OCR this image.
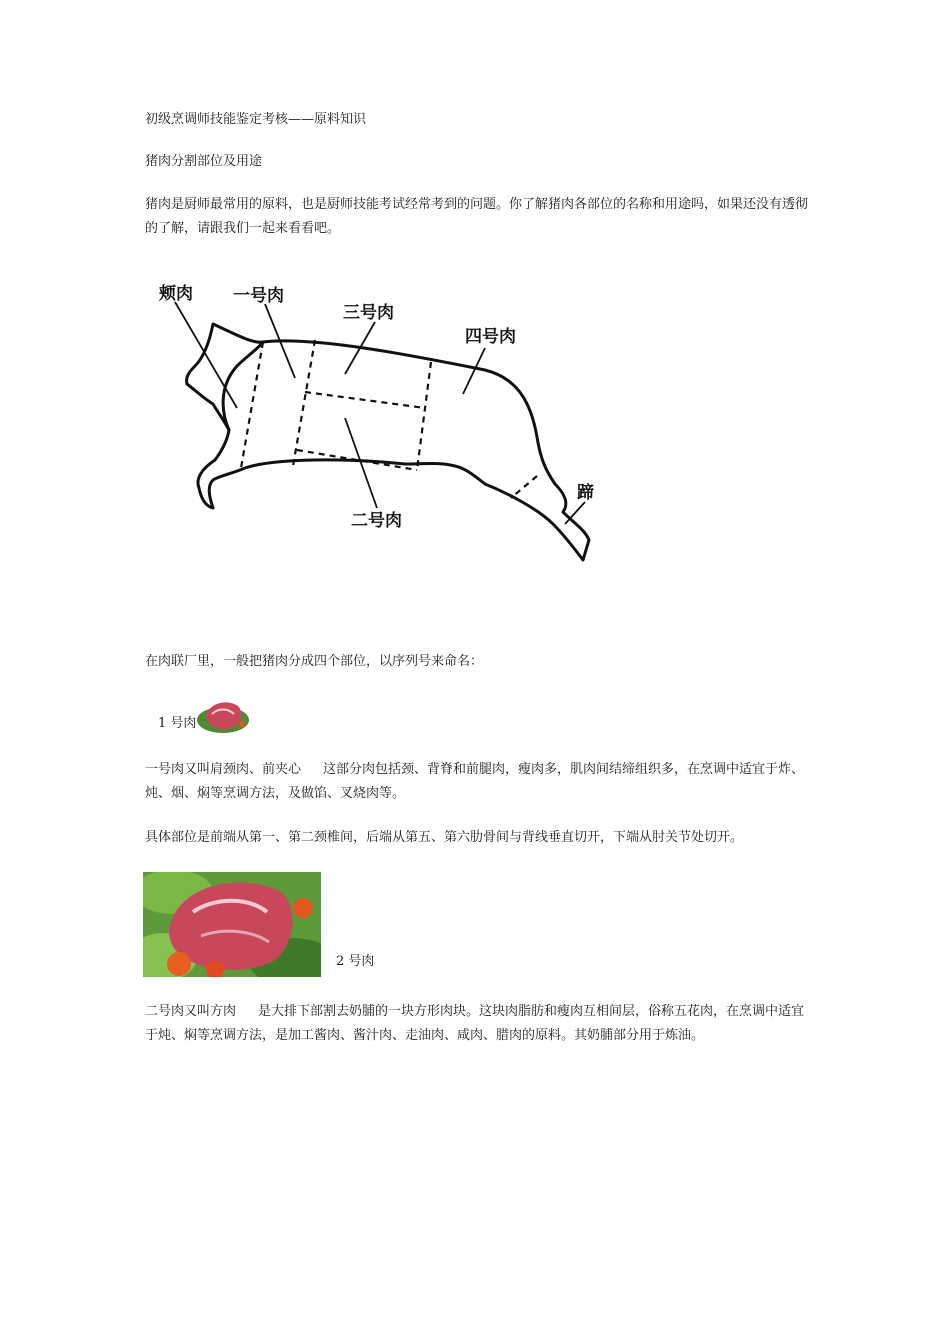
初级烹调师技能鉴定考核——原料知识

猪肉分割部位及用途

猪肉是厨师最常用的原料，也是厨师技能考试经常考到的问题。你了解猪肉各部位的名称和用途吗，如果还没有透彻的了解，请跟我们一起来看看吧。

颊肉 一号肉
三号肉
四号肉
二号肉
蹄

在肉联厂里，一般把猪肉分成四个部位，以序列号来命名：

1 号肉

一号肉又叫肩颈肉、前夹心 这部分肉包括颈、背脊和前腿肉，瘦肉多，肌肉间结缔组织多，在烹调中适宜于炸、炖、烟、焖等烹调方法，及做馅、叉烧肉等。

具体部位是前端从第一、第二颈椎间，后端从第五、第六肋骨间与背线垂直切开，下端从肘关节处切开。

2 号肉

二号肉又叫方肉 是大排下部割去奶脯的一块方形肉块。这块肉脂肪和瘦肉互相间层，俗称五花肉，在烹调中适宜于炖、焖等烹调方法，是加工酱肉、酱汁肉、走油肉、咸肉、腊肉的原料。其奶脯部分用于炼油。
